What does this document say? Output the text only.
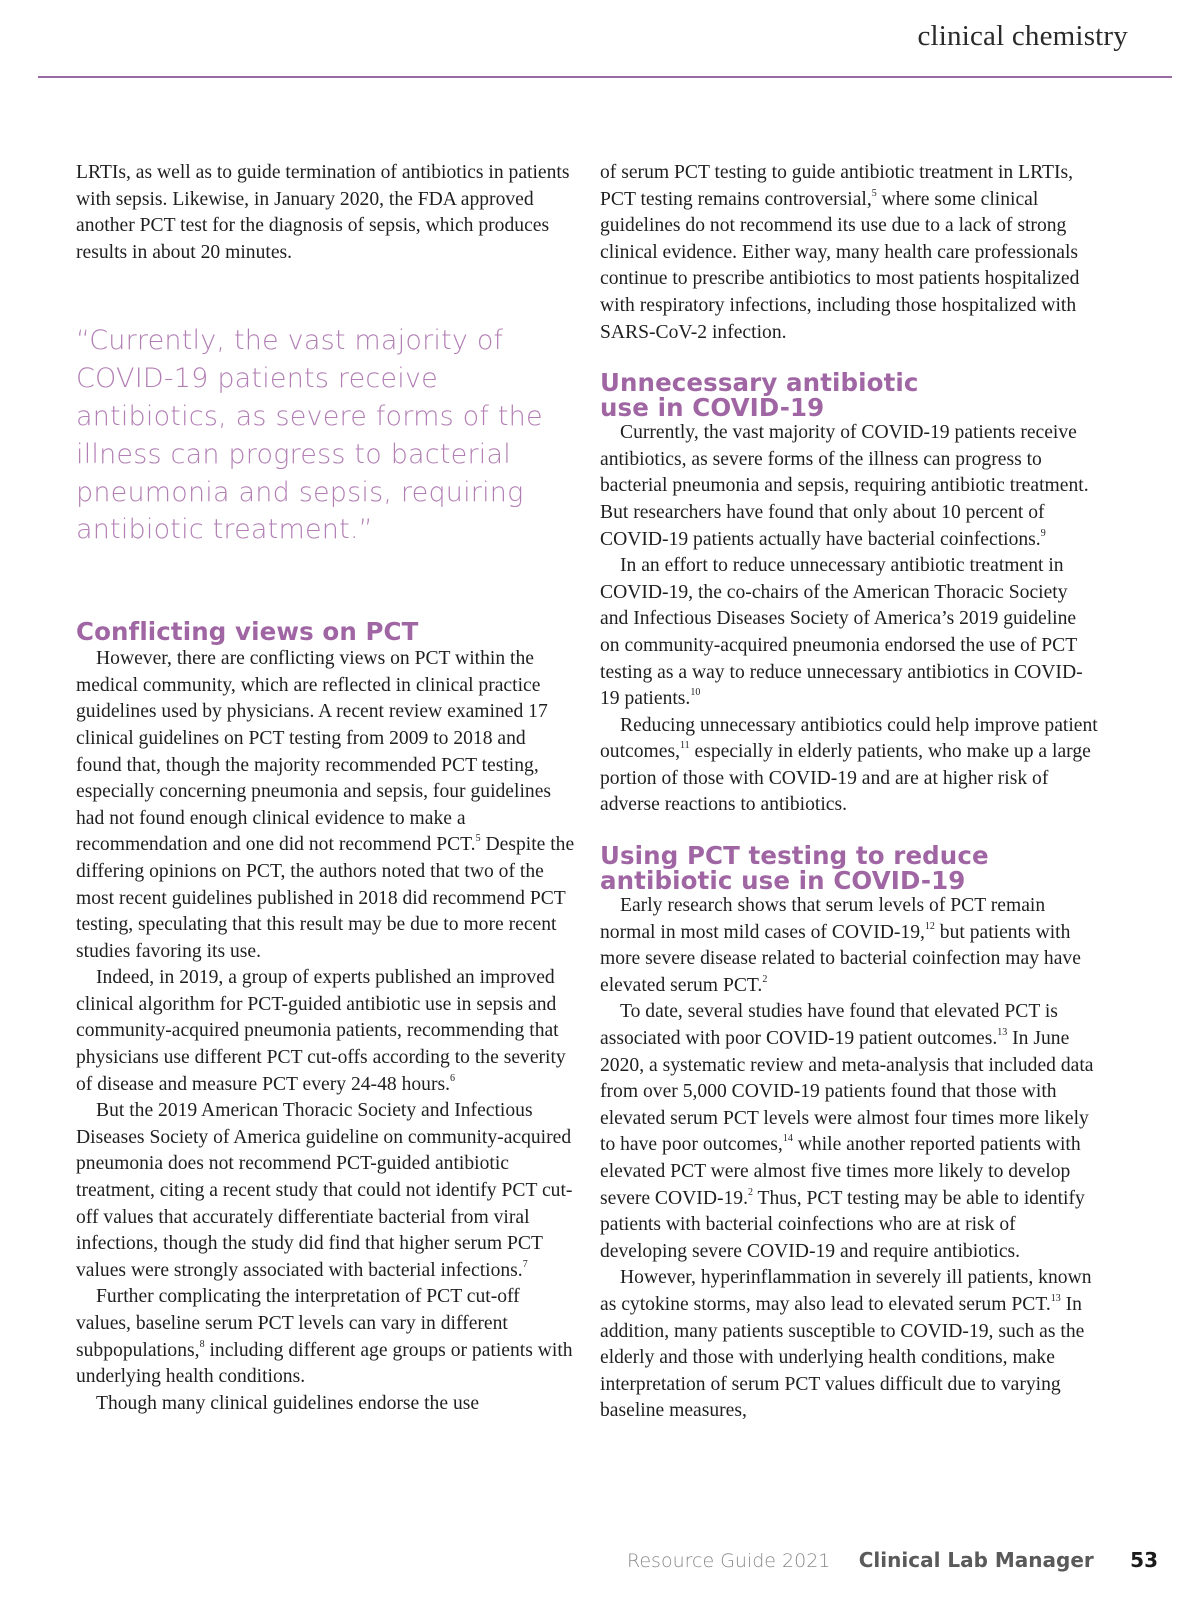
clinical chemistry

LRTIs, as well as to guide termination of antibiotics in patients with sepsis. Likewise, in January 2020, the FDA approved another PCT test for the diagnosis of sepsis, which produces results in about 20 minutes.

“Currently, the vast majority of COVID-19 patients receive antibiotics, as severe forms of the illness can progress to bacterial pneumonia and sepsis, requiring antibiotic treatment.”
Conflicting views on PCT

However, there are conflicting views on PCT within the medical community, which are reflected in clinical practice guidelines used by physicians. A recent review examined 17 clinical guidelines on PCT testing from 2009 to 2018 and found that, though the majority recommended PCT testing, especially concerning pneumonia and sepsis, four guidelines had not found enough clinical evidence to make a recommendation and one did not recommend PCT.$^5$ Despite the differing opinions on PCT, the authors noted that two of the most recent guidelines published in 2018 did recommend PCT testing, speculating that this result may be due to more recent studies favoring its use.

Indeed, in 2019, a group of experts published an improved clinical algorithm for PCT-guided antibiotic use in sepsis and community-acquired pneumonia patients, recommending that physicians use different PCT cut-offs according to the severity of disease and measure PCT every 24-48 hours.$^6$

But the 2019 American Thoracic Society and Infectious Diseases Society of America guideline on community-acquired pneumonia does not recommend PCT-guided antibiotic treatment, citing a recent study that could not identify PCT cut-off values that accurately differentiate bacterial from viral infections, though the study did find that higher serum PCT values were strongly associated with bacterial infections.$^7$

Further complicating the interpretation of PCT cut-off values, baseline serum PCT levels can vary in different subpopulations,$^8$ including different age groups or patients with underlying health conditions.

Though many clinical guidelines endorse the use

of serum PCT testing to guide antibiotic treatment in LRTIs, PCT testing remains controversial,$^5$ where some clinical guidelines do not recommend its use due to a lack of strong clinical evidence. Either way, many health care professionals continue to prescribe antibiotics to most patients hospitalized with respiratory infections, including those hospitalized with SARS-CoV-2 infection.

Unnecessary antibiotic
use in COVID-19

Currently, the vast majority of COVID-19 patients receive antibiotics, as severe forms of the illness can progress to bacterial pneumonia and sepsis, requiring antibiotic treatment. But researchers have found that only about 10 percent of COVID-19 patients actually have bacterial coinfections.$^9$

In an effort to reduce unnecessary antibiotic treatment in COVID-19, the co-chairs of the American Thoracic Society and Infectious Diseases Society of America’s 2019 guideline on community-acquired pneumonia endorsed the use of PCT testing as a way to reduce unnecessary antibiotics in COVID-19 patients.$^{10}$

Reducing unnecessary antibiotics could help improve patient outcomes,$^{11}$ especially in elderly patients, who make up a large portion of those with COVID-19 and are at higher risk of adverse reactions to antibiotics.

Using PCT testing to reduce
antibiotic use in COVID-19

Early research shows that serum levels of PCT remain normal in most mild cases of COVID-19,12 but patients with more severe disease related to bacterial coinfection may have elevated serum PCT.$^2$

To date, several studies have found that elevated PCT is associated with poor COVID-19 patient outcomes.$^{13}$ In June 2020, a systematic review and meta-analysis that included data from over 5,000 COVID-19 patients found that those with elevated serum PCT levels were almost four times more likely to have poor outcomes,$^{14}$ while another reported patients with elevated PCT were almost five times more likely to develop severe COVID-19.$^2$ Thus, PCT testing may be able to identify patients with bacterial coinfections who are at risk of developing severe COVID-19 and require antibiotics.

However, hyperinflammation in severely ill patients, known as cytokine storms, may also lead to elevated serum PCT.$^{13}$ In addition, many patients susceptible to COVID-19, such as the elderly and those with underlying health conditions, make interpretation of serum PCT values difficult due to varying baseline measures,

Resource Guide 2021 Clinical Lab Manager 53
